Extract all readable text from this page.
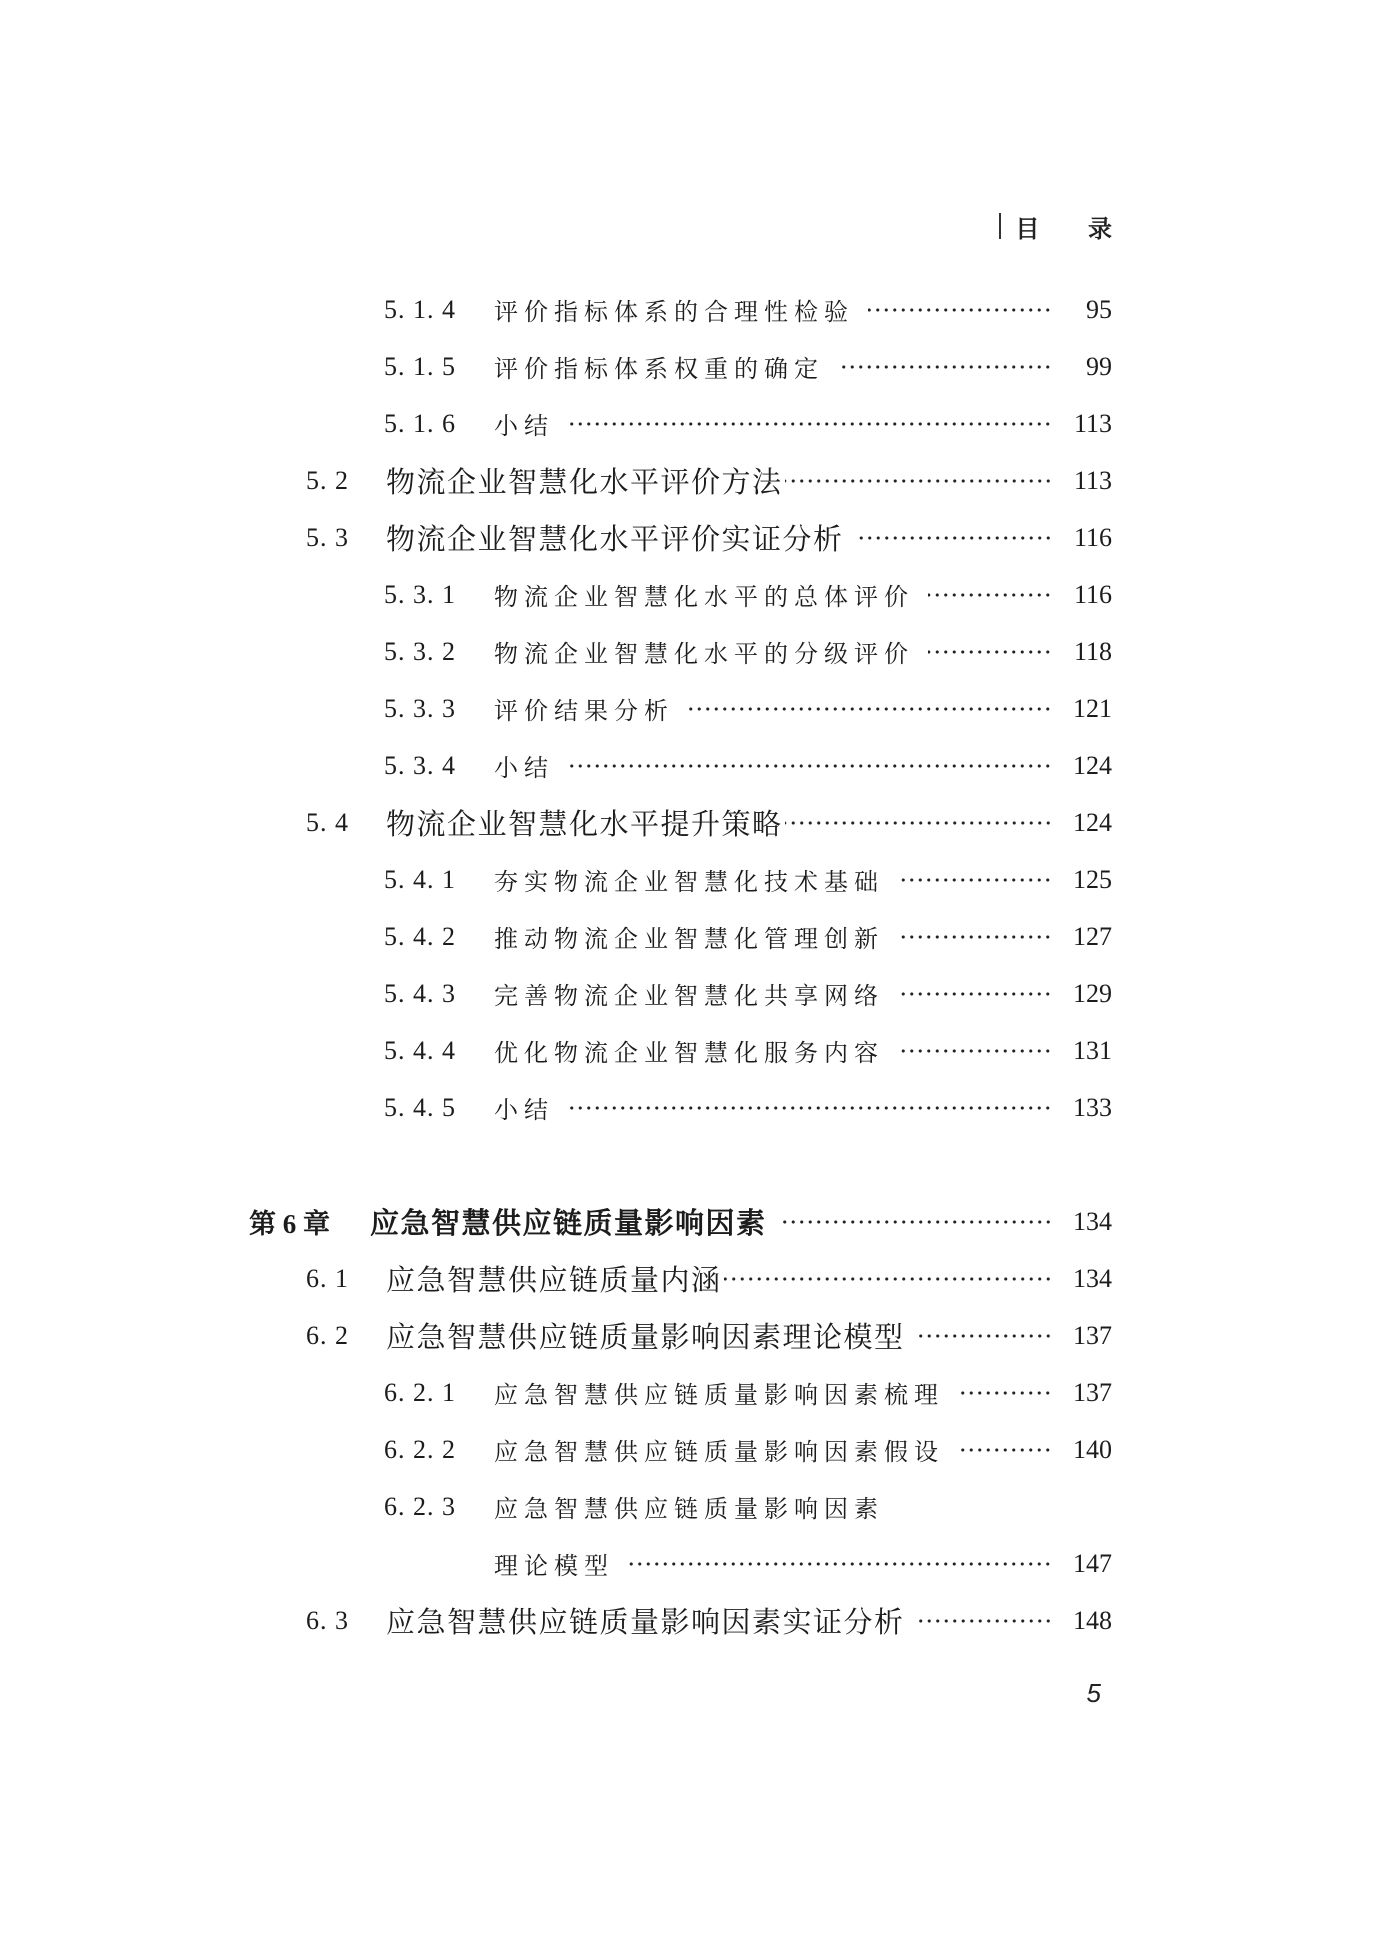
目 录
5. 1. 4	评价指标体系的合理性检验	95
5. 1. 5	评价指标体系权重的确定	99
5. 1. 6	小结	113
5. 2	物流企业智慧化水平评价方法	113
5. 3	物流企业智慧化水平评价实证分析	116
5. 3. 1	物流企业智慧化水平的总体评价	116
5. 3. 2	物流企业智慧化水平的分级评价	118
5. 3. 3	评价结果分析	121
5. 3. 4	小结	124
5. 4	物流企业智慧化水平提升策略	124
5. 4. 1	夯实物流企业智慧化技术基础	125
5. 4. 2	推动物流企业智慧化管理创新	127
5. 4. 3	完善物流企业智慧化共享网络	129
5. 4. 4	优化物流企业智慧化服务内容	131
5. 4. 5	小结	133
第 6 章	应急智慧供应链质量影响因素	134
6. 1	应急智慧供应链质量内涵	134
6. 2	应急智慧供应链质量影响因素理论模型	137
6. 2. 1	应急智慧供应链质量影响因素梳理	137
6. 2. 2	应急智慧供应链质量影响因素假设	140
6. 2. 3	应急智慧供应链质量影响因素
理论模型	147
6. 3	应急智慧供应链质量影响因素实证分析	148
5
